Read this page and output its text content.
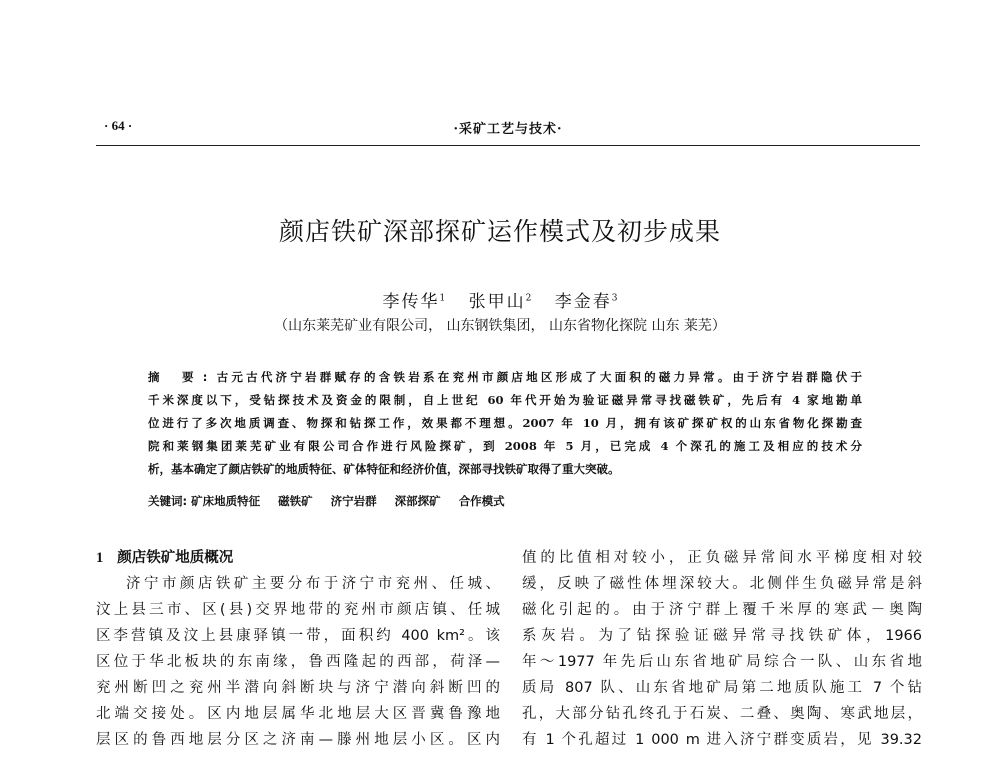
· 64 ·	·采矿工艺与技术·
颜店铁矿深部探矿运作模式及初步成果
李传华$^1$ 张甲山$^2$ 李金春$^3$
（山东莱芜矿业有限公司， 山东钢铁集团， 山东省物化探院 山东 莱芜）
摘 要:古元古代济宁岩群赋存的含铁岩系在兖州市颜店地区形成了大面积的磁力异常。由于济宁岩群隐伏于
千米深度以下，受钻探技术及资金的限制，自上世纪 60 年代开始为验证磁异常寻找磁铁矿，先后有 4 家地勘单
位进行了多次地质调查、物探和钻探工作，效果都不理想。2007 年 10 月，拥有该矿探矿权的山东省物化探勘查
院和莱钢集团莱芜矿业有限公司合作进行风险探矿，到 2008 年 5 月，已完成 4 个深孔的施工及相应的技术分
析，基本确定了颜店铁矿的地质特征、矿体特征和经济价值，深部寻找铁矿取得了重大突破。
关键词: 矿床地质特征 磁铁矿 济宁岩群 深部探矿 合作模式
1 颜店铁矿地质概况
济宁市颜店铁矿主要分布于济宁市兖州、任城、
汶上县三市、区(县)交界地带的兖州市颜店镇、任城
区李营镇及汶上县康驿镇一带，面积约 400 km²。该
区位于华北板块的东南缘，鲁西隆起的西部，荷泽—
兖州断凹之兖州半潜向斜断块与济宁潜向斜断凹的
北端交接处。区内地层属华北地层大区晋冀鲁豫地
层区的鲁西地层分区之济南—滕州地层小区。区内
值的比值相对较小，正负磁异常间水平梯度相对较
缓，反映了磁性体埋深较大。北侧伴生负磁异常是斜
磁化引起的。由于济宁群上覆千米厚的寒武－奥陶
系灰岩。为了钻探验证磁异常寻找铁矿体，1966
年～1977 年先后山东省地矿局综合一队、山东省地
质局 807 队、山东省地矿局第二地质队施工 7 个钻
孔，大部分钻孔终孔于石炭、二叠、奥陶、寒武地层，
有 1 个孔超过 1 000 m 进入济宁群变质岩，见 39.32
